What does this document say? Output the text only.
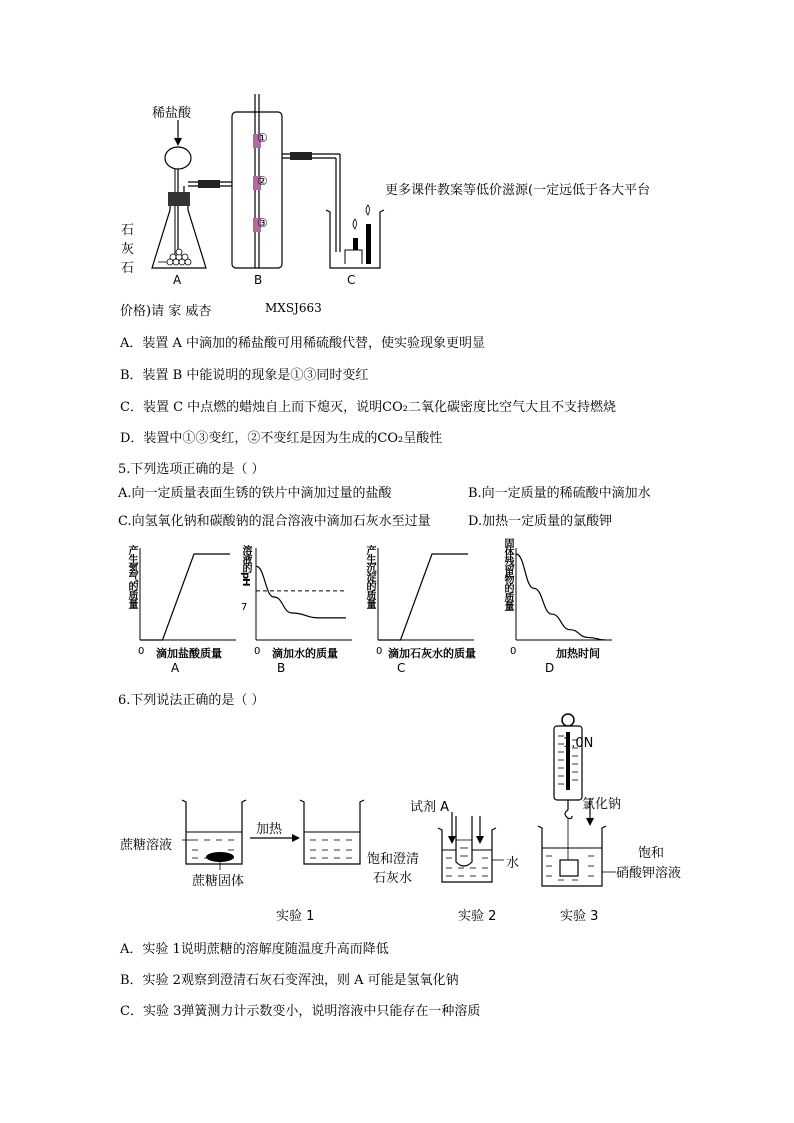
稀盐酸
石
灰
石
①
②
③
A	B	C
更多课件教案等低价滋源(一定远低于各大平台
价格)请 家 威杏	MXSJ663
A．装置 A 中滴加的稀盐酸可用稀硫酸代替，使实验现象更明显
B．装置 B 中能说明的现象是①③同时变红
C．装置 C 中点燃的蜡烛自上而下熄灭，说明CO₂二氧化碳密度比空气大且不支持燃烧
D．装置中①③变红，②不变红是因为生成的CO₂呈酸性
5.下列选项正确的是（ ）
A.向一定质量表面生锈的铁片中滴加过量的盐酸	B.向一定质量的稀硫酸中滴加水
C.向氢氧化钠和碳酸钠的混合溶液中滴加石灰水至过量	D.加热一定质量的氯酸钾
产生氢气的质量
0 滴加盐酸质量
A
溶液的pH
7
0 滴加水的质量
B
产生沉淀的质量
0 滴加石灰水的质量
C
固体残留物的质量
0	加热时间
D
6.下列说法正确的是（ ）
1.0N
氯化钠
加热
蔗糖溶液
蔗糖固体
实验 1
试剂 A
水
饱和澄清
石灰水
实验 2
饱和
硝酸钾溶液
实验 3
A．实验 1说明蔗糖的溶解度随温度升高而降低
B．实验 2观察到澄清石灰石变浑浊，则 A 可能是氢氧化钠
C．实验 3弹簧测力计示数变小，说明溶液中只能存在一种溶质
